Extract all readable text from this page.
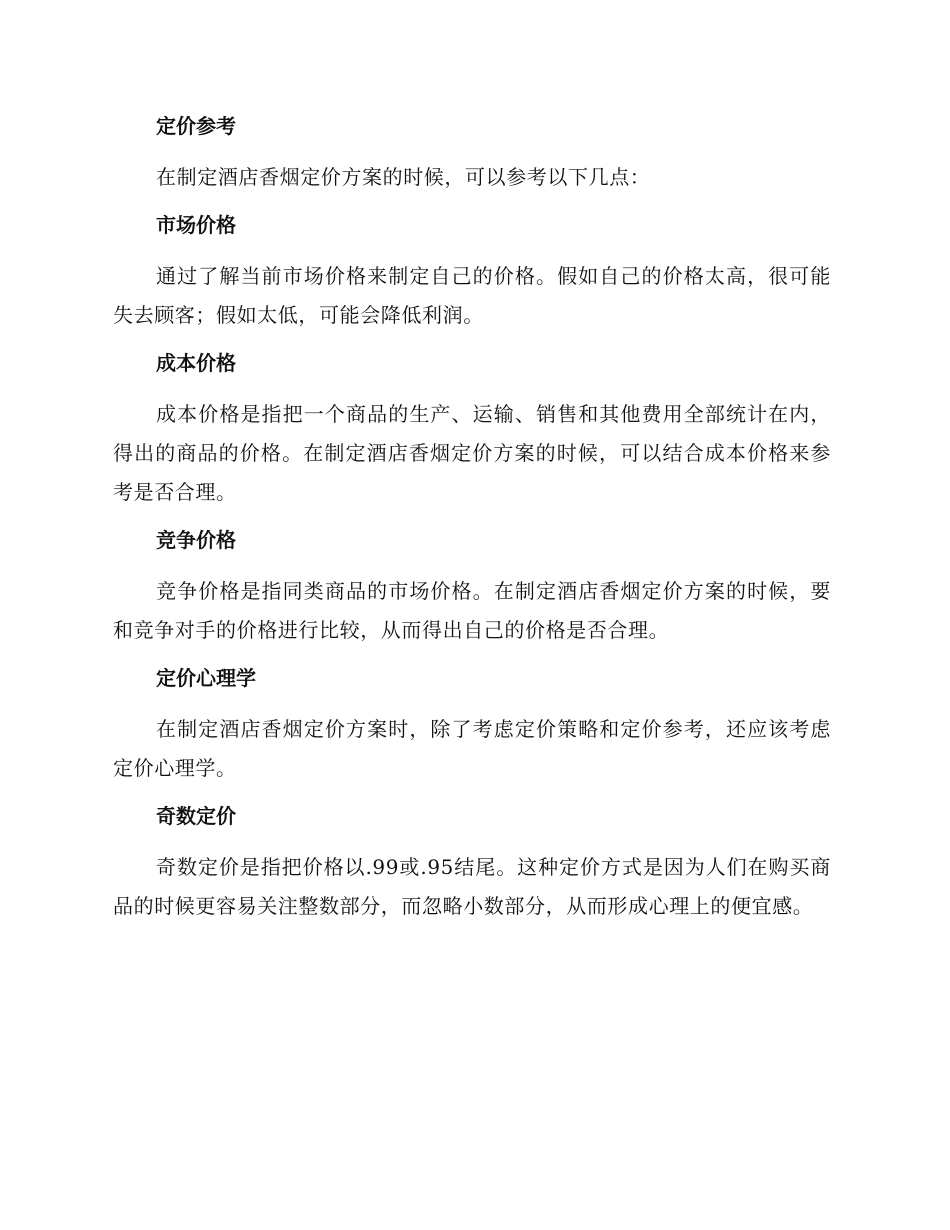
定价参考

在制定酒店香烟定价方案的时候，可以参考以下几点：

市场价格

通过了解当前市场价格来制定自己的价格。假如自己的价格太高，很可能失去顾客；假如太低，可能会降低利润。

成本价格

成本价格是指把一个商品的生产、运输、销售和其他费用全部统计在内，得出的商品的价格。在制定酒店香烟定价方案的时候，可以结合成本价格来参考是否合理。

竞争价格

竞争价格是指同类商品的市场价格。在制定酒店香烟定价方案的时候，要和竞争对手的价格进行比较，从而得出自己的价格是否合理。

定价心理学

在制定酒店香烟定价方案时，除了考虑定价策略和定价参考，还应该考虑定价心理学。

奇数定价

奇数定价是指把价格以.99或.95结尾。这种定价方式是因为人们在购买商品的时候更容易关注整数部分，而忽略小数部分，从而形成心理上的便宜感。
